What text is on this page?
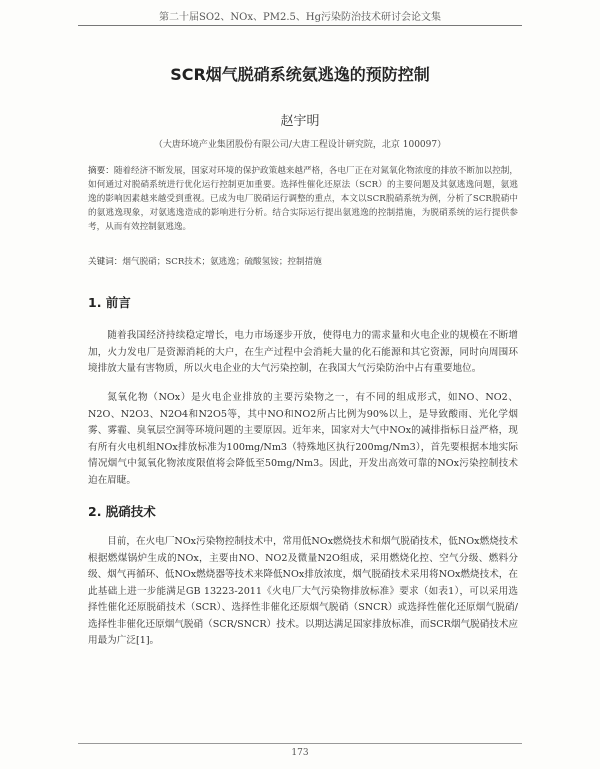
第二十届SO2、NOx、PM2.5、Hg污染防治技术研讨会论文集
SCR烟气脱硝系统氨逃逸的预防控制
赵宇明
（大唐环境产业集团股份有限公司/大唐工程设计研究院，北京 100097）
摘要：随着经济不断发展，国家对环境的保护政策越来越严格，各电厂正在对氮氧化物浓度的排放不断加以控制，如何通过对脱硝系统进行优化运行控制更加重要。选择性催化还原法（SCR）的主要问题及其氨逃逸问题，氨逃逸的影响因素越来越受到重视。已成为电厂脱硝运行调整的重点，本文以SCR脱硝系统为例，分析了SCR脱硝中的氨逃逸现象，对氨逃逸造成的影响进行分析。结合实际运行提出氨逃逸的控制措施，为脱硝系统的运行提供参考，从而有效控制氨逃逸。
关键词：烟气脱硝；SCR技术；氨逃逸；硫酸氢铵；控制措施
1. 前言

随着我国经济持续稳定增长，电力市场逐步开放，使得电力的需求量和火电企业的规模在不断增加，火力发电厂是资源消耗的大户，在生产过程中会消耗大量的化石能源和其它资源，同时向周围环境排放大量有害物质，所以火电企业的大气污染控制，在我国大气污染防治中占有重要地位。

氮氧化物（NOx）是火电企业排放的主要污染物之一，有不同的组成形式，如NO、NO2、N2O、N2O3、N2O4和N2O5等，其中NO和NO2所占比例为90%以上，是导致酸雨、光化学烟雾、雾霾、臭氧层空洞等环境问题的主要原因。近年来，国家对大气中NOx的减排指标日益严格，现有所有火电机组NOx排放标准为100mg/Nm3（特殊地区执行200mg/Nm3），首先要根据本地实际情况烟气中氮氧化物浓度限值将会降低至50mg/Nm3。因此，开发出高效可靠的NOx污染控制技术迫在眉睫。

2. 脱硝技术

目前，在火电厂NOx污染物控制技术中，常用低NOx燃烧技术和烟气脱硝技术，低NOx燃烧技术根据燃煤锅炉生成的NOx，主要由NO、NO2及微量N2O组成，采用燃烧化控、空气分级、燃料分级、烟气再循环、低NOx燃烧器等技术来降低NOx排放浓度，烟气脱硝技术采用将NOx燃烧技术，在此基础上进一步能满足GB 13223-2011《火电厂大气污染物排放标准》要求（如表1），可以采用选择性催化还原脱硝技术（SCR）、选择性非催化还原烟气脱硝（SNCR）或选择性催化还原烟气脱硝/选择性非催化还原烟气脱硝（SCR/SNCR）技术。以期达满足国家排放标准，而SCR烟气脱硝技术应用最为广泛[1]。

173
